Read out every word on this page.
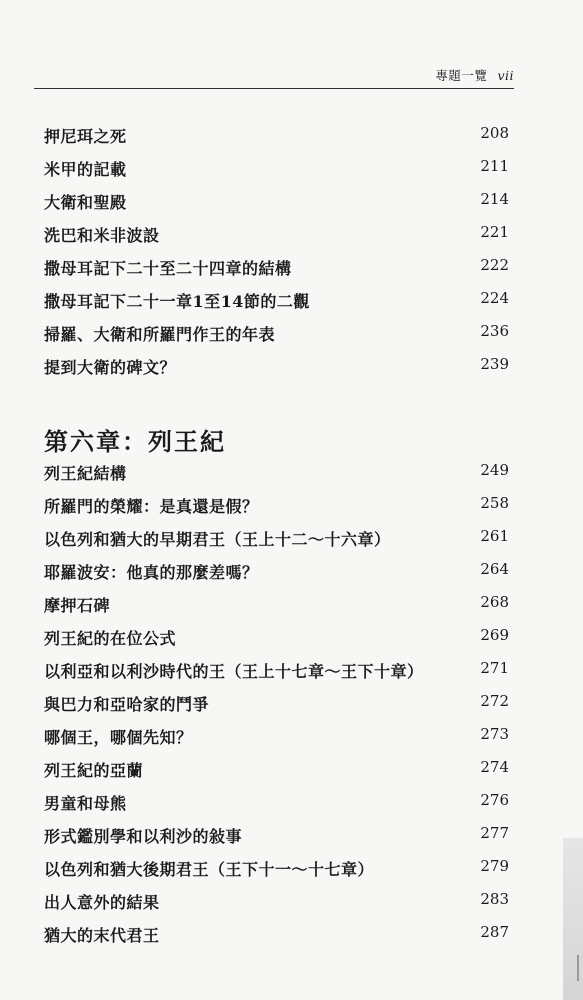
專題一覽 vii
押尼珥之死	208
米甲的記載	211
大衛和聖殿	214
洗巴和米非波設	221
撒母耳記下二十至二十四章的結構	222
撒母耳記下二十一章1至14節的二觀	224
掃羅、大衛和所羅門作王的年表	236
提到大衛的碑文？	239
第六章：列王紀
列王紀結構	249
所羅門的榮耀：是真還是假？	258
以色列和猶大的早期君王（王上十二～十六章）	261
耶羅波安：他真的那麼差嗎？	264
摩押石碑	268
列王紀的在位公式	269
以利亞和以利沙時代的王（王上十七章～王下十章）	271
與巴力和亞哈家的鬥爭	272
哪個王，哪個先知？	273
列王紀的亞蘭	274
男童和母熊	276
形式鑑別學和以利沙的敍事	277
以色列和猶大後期君王（王下十一～十七章）	279
出人意外的結果	283
猶大的末代君王	287
